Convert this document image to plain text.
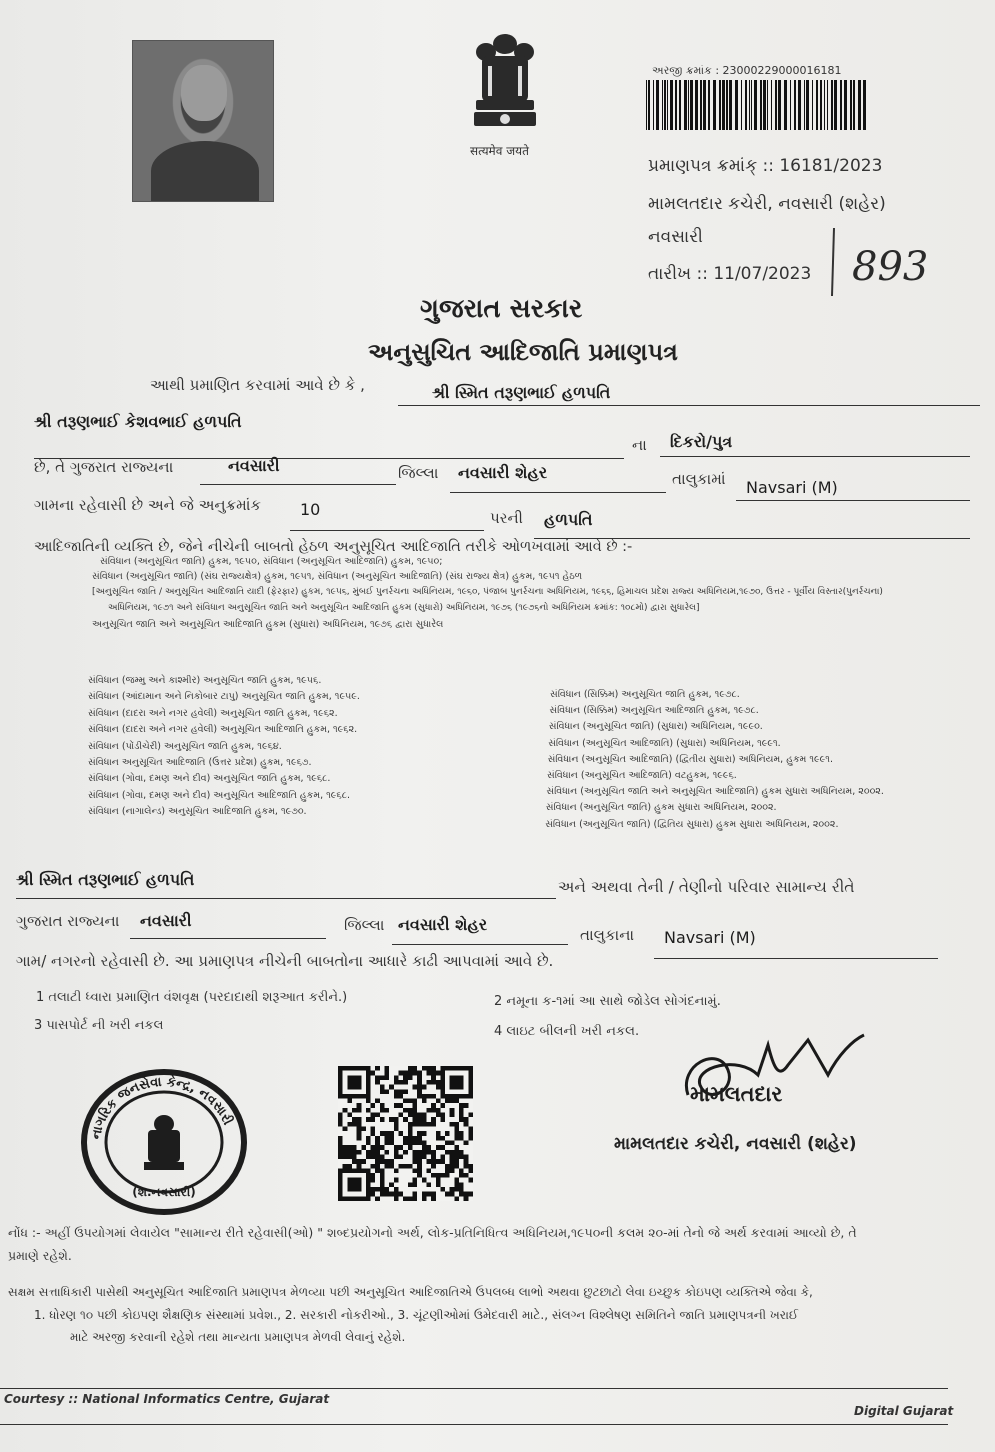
सत्यमेव जयते
અરજી ક્રમાંક : 23000229000016181
પ્રમાણપત્ર ક્રમાંક્ :: 16181/2023
મામલતદાર કચેરી, નવસારી (શહેર)
નવસારી
તારીખ :: 11/07/2023 893
ગુજરાત સરકાર
અનુસુચિત આદિજાતિ પ્રમાણપત્ર
આથી પ્રમાણિત કરવામાં આવે છે કે ,	શ્રી સ્મિત તરૂણભાઈ હળપતિ
શ્રી તરૂણભાઈ કેશવભાઈ હળપતિ
ના દિકરો/પુત્ર
છે, તે ગુજરાત રાજ્યના	નવસારી	જિલ્લા નવસારી શેહર	તાલુકામાં Navsari (M)
ગામના રહેવાસી છે અને જે અનુક્રમાંક 10	પરની હળપતિ
આદિજાતિની વ્યક્તિ છે, જેને નીચેની બાબતો હેઠળ અનુસૂચિત આદિજાતિ તરીકે ઓળખવામાં આવે છે :-
સંવિધાન (અનુસૂચિત જાતિ) હુકમ, ૧૯૫૦, સંવિધાન (અનુસૂચિત આદિજાતિ) હુકમ, ૧૯૫૦;
સંવિધાન (અનુસૂચિત જાતિ) (સંઘ રાજ્યક્ષેત્ર) હુકમ, ૧૯૫૧, સંવિધાન (અનુસૂચિત આદિજાતિ) (સંઘ રાજ્ય ક્ષેત્ર) હુકમ, ૧૯૫૧ હેઠળ
[અનુસૂચિત જાતિ / અનુસૂચિત આદિજાતિ યાદી (ફેરફાર) હુકમ, ૧૯૫૬, મુંબઈ પુનર્રચના અધિનિયમ, ૧૯૬૦, પંજાબ પુનર્રચના અધિનિયમ, ૧૯૬૬, હિમાચલ પ્રદેશ રાજ્ય અધિનિયમ,૧૯૭૦, ઉત્તર - પૂર્વીય વિસ્તાર(પુનર્રચના)
અધિનિયમ, ૧૯૭૧ અને સંવિધાન અનુસૂચિત જાતિ અને અનુસૂચિત આદિજાતિ હુકમ (સુધારો) અધિનિયમ, ૧૯૭૬ (૧૯૭૬નો અધિનિયમ ક્રમાંક: ૧૦૮મો) દ્વારા સુધારેલ]
અનુસૂચિત જાતિ અને અનુસૂચિત આદિજાતિ હુકમ (સુધારા) અધિનિયમ, ૧૯૭૬ દ્વારા સુધારેલ
શ્રી સ્મિત તરૂણભાઈ હળપતિ	અને અથવા તેની / તેણીનો પરિવાર સામાન્ય રીતે
ગુજરાત રાજ્યના નવસારી	જિલ્લા નવસારી શેહર
તાલુકાના Navsari (M)
ગામ/ નગરનો રહેવાસી છે. આ પ્રમાણપત્ર નીચેની બાબતોના આધારે કાઢી આપવામાં આવે છે.
1 તલાટી ધ્વારા પ્રમાણિત વંશવૃક્ષ (પરદાદાથી શરૂઆત કરીને.)	2 નમૂના ક-૧માં આ સાથે જોડેલ સોગંદનામું.
3 પાસપોર્ટ ની ખરી નકલ	4 લાઇટ બીલની ખરી નકલ.
નાગરિક જનસેવા કેન્દ્ર, નવસારી
(શ.નવસારી)
મામલતદાર
મામલતદાર કચેરી, નવસારી (શહેર)
નોંધ :- અહીં ઉપયોગમાં લેવાયેલ "સામાન્ય રીતે રહેવાસી(ઓ) " શબ્દપ્રયોગનો અર્થ, લોક-પ્રતિનિધિત્વ અધિનિયમ,૧૯૫૦ની કલમ ૨૦-માં તેનો જે અર્થ કરવામાં આવ્યો છે, તે
પ્રમાણે રહેશે.
સક્ષમ સત્તાધિકારી પાસેથી અનુસૂચિત આદિજાતિ પ્રમાણપત્ર મેળવ્યા પછી અનુસૂચિત આદિજાતિએ ઉપલબ્ધ લાભો અથવા છુટછાટો લેવા ઇચ્છુક કોઇપણ વ્યક્તિએ જેવા કે,
1. ધોરણ ૧૦ પછી કોઇપણ શૈક્ષણિક સંસ્થામાં પ્રવેશ., 2. સરકારી નોકરીઓ., 3. ચૂંટણીઓમાં ઉમેદવારી માટે., સંલગ્ન વિશ્લેષણ સમિતિને જાતિ પ્રમાણપત્રની ખરાઈ
માટે અરજી કરવાની રહેશે તથા માન્યતા પ્રમાણપત્ર મેળવી લેવાનું રહેશે.
Courtesy :: National Informatics Centre, Gujarat
Digital Gujarat
સંવિધાન (જમ્મુ અને કાશ્મીર) અનુસૂચિત જાતિ હુકમ, ૧૯૫૬.
સંવિધાન (આંદામાન અને નિકોબાર ટાપુ) અનુસૂચિત જાતિ હુકમ, ૧૯૫૯.
સંવિધાન (દાદરા અને નગર હવેલી) અનુસૂચિત જાતિ હુકમ, ૧૯૬૨.
સંવિધાન (દાદરા અને નગર હવેલી) અનુસૂચિત આદિજાતિ હુકમ, ૧૯૬૨.
સંવિધાન (પોંડીચેરી) અનુસૂચિત જાતિ હુકમ, ૧૯૬૪.
સંવિધાન અનુસૂચિત આદિજાતિ (ઉત્તર પ્રદેશ) હુકમ, ૧૯૬૭.
સંવિધાન (ગોવા, દમણ અને દીવ) અનુસૂચિત જાતિ હુકમ, ૧૯૬૮.
સંવિધાન (ગોવા, દમણ અને દીવ) અનુસૂચિત આદિજાતિ હુકમ, ૧૯૬૮.
સંવિધાન (નાગાલેન્ડ) અનુસૂચિત આદિજાતિ હુકમ, ૧૯૭૦.
સંવિધાન (સિક્કિમ) અનુસૂચિત જાતિ હુકમ, ૧૯૭૮.
સંવિધાન (સિક્કિમ) અનુસૂચિત આદિજાતિ હુકમ, ૧૯૭૮.
સંવિધાન (અનુસૂચિત જાતિ) (સુધારા) અધિનિયમ, ૧૯૯૦.
સંવિધાન (અનુસૂચિત આદિજાતિ) (સુધારા) અધિનિયમ, ૧૯૯૧.
સંવિધાન (અનુસૂચિત આદિજાતિ) (દ્વિતીય સુધારા) અધિનિયમ, હુકમ ૧૯૯૧.
સંવિધાન (અનુસૂચિત આદિજાતિ) વટહુકમ, ૧૯૯૬.
સંવિધાન (અનુસૂચિત જાતિ અને અનુસૂચિત આદિજાતિ) હુકમ સુધારા અધિનિયમ, ૨૦૦૨.
સંવિધાન (અનુસૂચિત જાતિ) હુકમ સુધારા અધિનિયમ, ૨૦૦૨.
સંવિધાન (અનુસૂચિત જાતિ) (દ્વિતિય સુધારા) હુકમ સુધારા અધિનિયમ, ૨૦૦૨.
